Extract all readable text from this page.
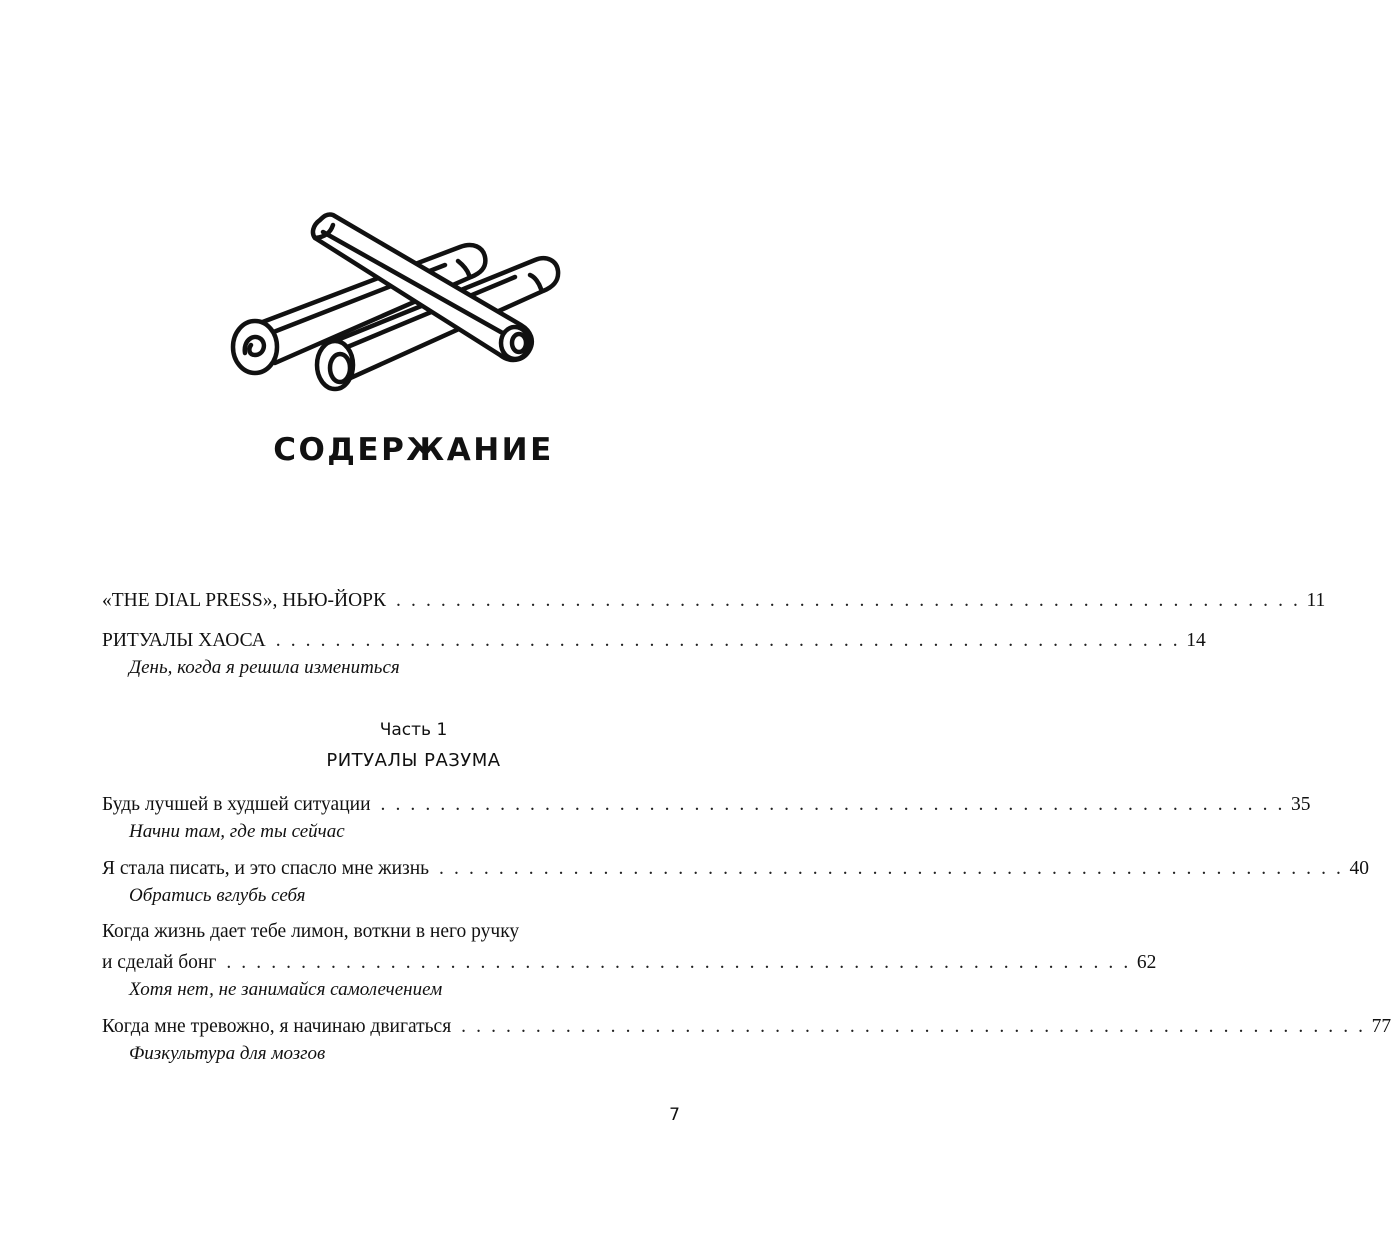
СОДЕРЖАНИЕ
«THE DIAL PRESS», НЬЮ-ЙОРК . . . . . . . . . . . . . . . . . . . . . . . . . . . . . . . . . . . . . . . . . . . . . . . . . . . . . . . . . . . . . 11
РИТУАЛЫ ХАОСА . . . . . . . . . . . . . . . . . . . . . . . . . . . . . . . . . . . . . . . . . . . . . . . . . . . . . . . . . . . . . 14
День, когда я решила измениться
Часть 1
РИТУАЛЫ РАЗУМА
Будь лучшей в худшей ситуации . . . . . . . . . . . . . . . . . . . . . . . . . . . . . . . . . . . . . . . . . . . . . . . . . . . . . . . . . . . . . 35
Начни там, где ты сейчас
Я стала писать, и это спасло мне жизнь . . . . . . . . . . . . . . . . . . . . . . . . . . . . . . . . . . . . . . . . . . . . . . . . . . . . . . . . . . . . . 40
Обратись вглубь себя
Когда жизнь дает тебе лимон, воткни в него ручку
и сделай бонг . . . . . . . . . . . . . . . . . . . . . . . . . . . . . . . . . . . . . . . . . . . . . . . . . . . . . . . . . . . . . 62
Хотя нет, не занимайся самолечением
Когда мне тревожно, я начинаю двигаться . . . . . . . . . . . . . . . . . . . . . . . . . . . . . . . . . . . . . . . . . . . . . . . . . . . . . . . . . . . . . 77
Физкультура для мозгов
7
